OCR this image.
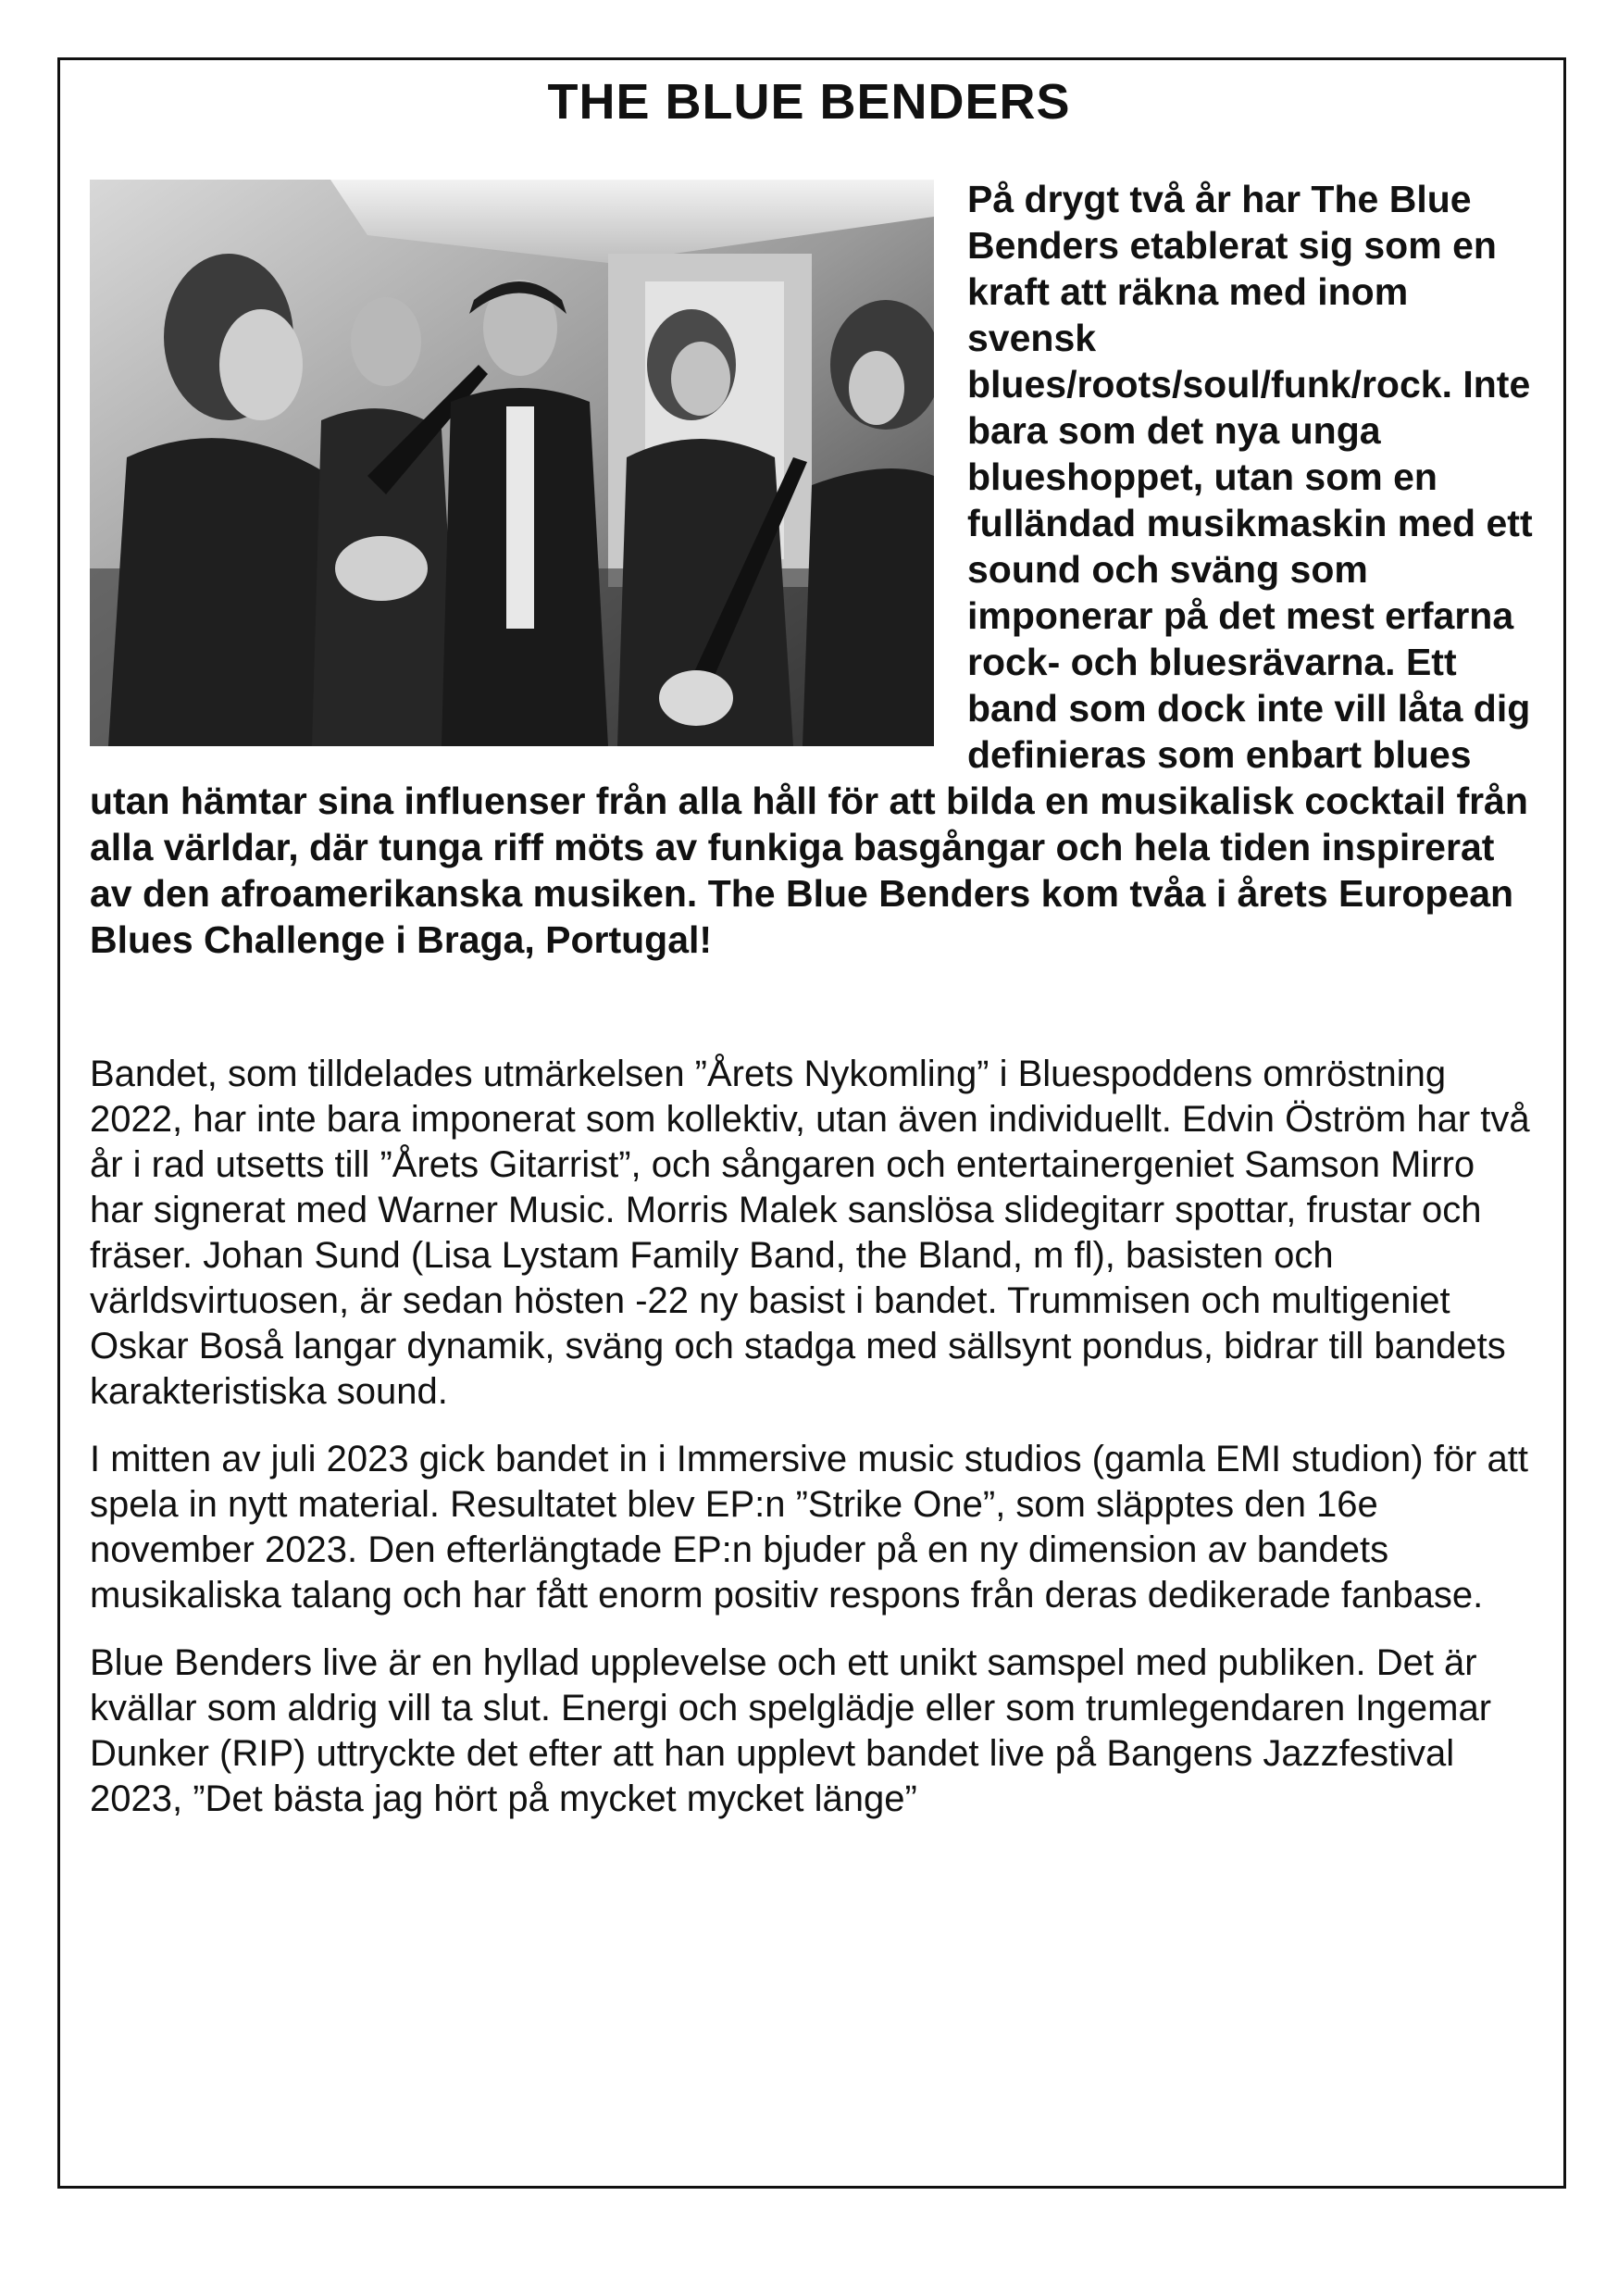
THE BLUE BENDERS

På drygt två år har The Blue Benders etablerat sig som en kraft att räkna med inom svensk blues/roots/soul/funk/rock. Inte bara som det nya unga blueshoppet, utan som en fulländad musikmaskin med ett sound och sväng som imponerar på det mest erfarna rock- och bluesrävarna. Ett band som dock inte vill låta dig definieras som enbart blues utan hämtar sina influenser från alla håll för att bilda en musikalisk cocktail från alla världar, där tunga riff möts av funkiga basgångar och hela tiden inspirerat av den afroamerikanska musiken. The Blue Benders kom tvåa i årets European Blues Challenge i Braga, Portugal!

Bandet, som tilldelades utmärkelsen ”Årets Nykomling” i Bluespoddens omröstning 2022, har inte bara imponerat som kollektiv, utan även individuellt. Edvin Öström har två år i rad utsetts till ”Årets Gitarrist”, och sångaren och entertainergeniet Samson Mirro har signerat med Warner Music. Morris Malek sanslösa slidegitarr spottar, frustar och fräser. Johan Sund (Lisa Lystam Family Band, the Bland, m fl), basisten och världsvirtuosen, är sedan hösten -22 ny basist i bandet. Trummisen och multigeniet Oskar Boså langar dynamik, sväng och stadga med sällsynt pondus, bidrar till bandets karakteristiska sound.

I mitten av juli 2023 gick bandet in i Immersive music studios (gamla EMI studion) för att spela in nytt material. Resultatet blev EP:n ”Strike One”, som släpptes den 16e november 2023. Den efterlängtade EP:n bjuder på en ny dimension av bandets musikaliska talang och har fått enorm positiv respons från deras dedikerade fanbase.

Blue Benders live är en hyllad upplevelse och ett unikt samspel med publiken. Det är kvällar som aldrig vill ta slut. Energi och spelglädje eller som trumlegendaren Ingemar Dunker (RIP) uttryckte det efter att han upplevt bandet live på Bangens Jazzfestival 2023, ”Det bästa jag hört på mycket mycket länge”
